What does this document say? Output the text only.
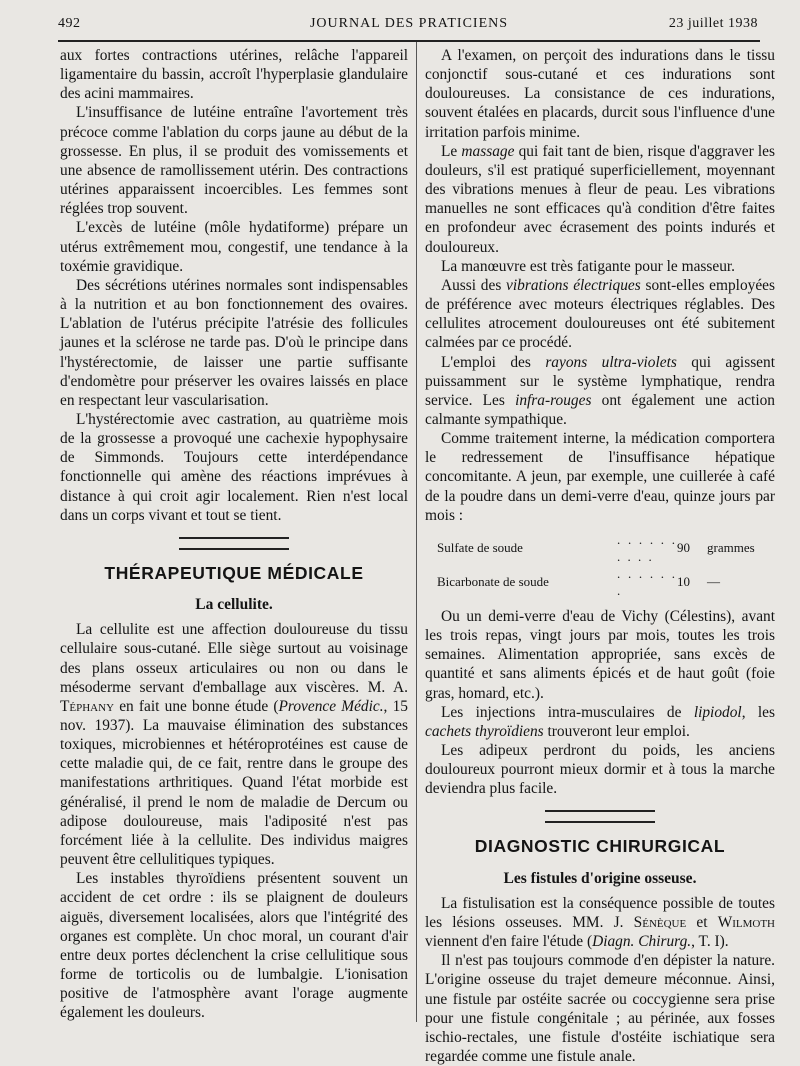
492	JOURNAL DES PRATICIENS	23 juillet 1938

aux fortes contractions utérines, relâche l'appareil ligamentaire du bassin, accroît l'hyperplasie glandulaire des acini mammaires.

L'insuffisance de lutéine entraîne l'avortement très précoce comme l'ablation du corps jaune au début de la grossesse. En plus, il se produit des vomissements et une absence de ramollissement utérin. Des contractions utérines apparaissent incoercibles. Les femmes sont réglées trop souvent.

L'excès de lutéine (môle hydatiforme) prépare un utérus extrêmement mou, congestif, une tendance à la toxémie gravidique.

Des sécrétions utérines normales sont indispensables à la nutrition et au bon fonctionnement des ovaires. L'ablation de l'utérus précipite l'atrésie des follicules jaunes et la sclérose ne tarde pas. D'où le principe dans l'hystérectomie, de laisser une partie suffisante d'endomètre pour préserver les ovaires laissés en place en respectant leur vascularisation.

L'hystérectomie avec castration, au quatrième mois de la grossesse a provoqué une cachexie hypophysaire de Simmonds. Toujours cette interdépendance fonctionnelle qui amène des réactions imprévues à distance à qui croit agir localement. Rien n'est local dans un corps vivant et tout se tient.

THÉRAPEUTIQUE MÉDICALE
La cellulite.

La cellulite est une affection douloureuse du tissu cellulaire sous-cutané. Elle siège surtout au voisinage des plans osseux articulaires ou non ou dans le mésoderme servant d'emballage aux viscères. M. A. Téphany en fait une bonne étude (Provence Médic., 15 nov. 1937). La mauvaise élimination des substances toxiques, microbiennes et hétéroprotéines est cause de cette maladie qui, de ce fait, rentre dans le groupe des manifestations arthritiques. Quand l'état morbide est généralisé, il prend le nom de maladie de Dercum ou adipose douloureuse, mais l'adiposité n'est pas forcément liée à la cellulite. Des individus maigres peuvent être cellulitiques typiques.

Les instables thyroïdiens présentent souvent un accident de cet ordre : ils se plaignent de douleurs aiguës, diversement localisées, alors que l'intégrité des organes est complète. Un choc moral, un courant d'air entre deux portes déclenchent la crise cellulitique sous forme de torticolis ou de lumbalgie. L'ionisation positive de l'atmosphère avant l'orage augmente également les douleurs.

A l'examen, on perçoit des indurations dans le tissu conjonctif sous-cutané et ces indurations sont douloureuses. La consistance de ces indurations, souvent étalées en placards, durcit sous l'influence d'une irritation parfois minime.

Le massage qui fait tant de bien, risque d'aggraver les douleurs, s'il est pratiqué superficiellement, moyennant des vibrations menues à fleur de peau. Les vibrations manuelles ne sont efficaces qu'à condition d'être faites en profondeur avec écrasement des points indurés et douloureux.

La manœuvre est très fatigante pour le masseur.

Aussi des vibrations électriques sont-elles employées de préférence avec moteurs électriques réglables. Des cellulites atrocement douloureuses ont été subitement calmées par ce procédé.

L'emploi des rayons ultra-violets qui agissent puissamment sur le système lymphatique, rendra service. Les infra-rouges ont également une action calmante sympathique.

Comme traitement interne, la médication comportera le redressement de l'insuffisance hépatique concomitante. A jeun, par exemple, une cuillerée à café de la poudre dans un demi-verre d'eau, quinze jours par mois :

Sulfate de soude	. . . . . . . . . .	90	grammes
Bicarbonate de soude	. . . . . . .	10	—

Ou un demi-verre d'eau de Vichy (Célestins), avant les trois repas, vingt jours par mois, toutes les trois semaines. Alimentation appropriée, sans excès de quantité et sans aliments épicés et de haut goût (foie gras, homard, etc.).

Les injections intra-musculaires de lipiodol, les cachets thyroïdiens trouveront leur emploi.

Les adipeux perdront du poids, les anciens douloureux pourront mieux dormir et à tous la marche deviendra plus facile.

DIAGNOSTIC CHIRURGICAL
Les fistules d'origine osseuse.

La fistulisation est la conséquence possible de toutes les lésions osseuses. MM. J. Sénèque et Wilmoth viennent d'en faire l'étude (Diagn. Chirurg., T. I).

Il n'est pas toujours commode d'en dépister la nature. L'origine osseuse du trajet demeure méconnue. Ainsi, une fistule par ostéite sacrée ou coccygienne sera prise pour une fistule congénitale ; au périnée, aux fosses ischio-rectales, une fistule d'ostéite ischiatique sera regardée comme une fistule anale.
